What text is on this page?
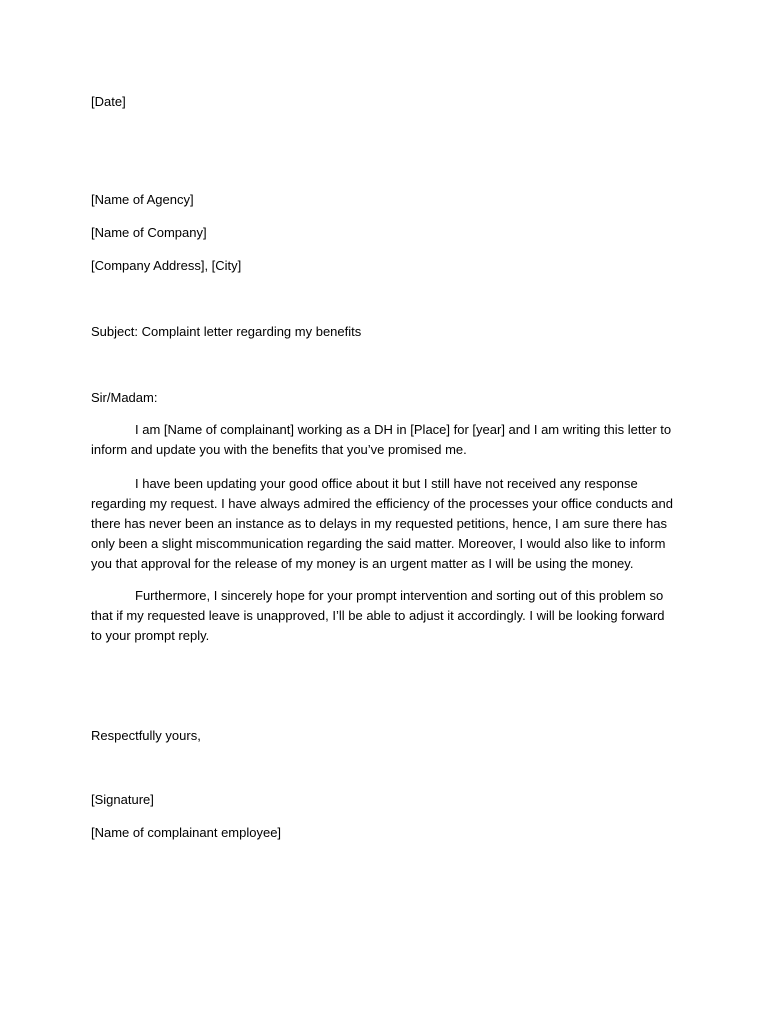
[Date]
[Name of Agency]
[Name of Company]
[Company Address], [City]
Subject: Complaint letter regarding my benefits
Sir/Madam:
I am [Name of complainant] working as a DH in [Place] for [year] and I am writing this letter to inform and update you with the benefits that you’ve promised me.
I have been updating your good office about it but I still have not received any response regarding my request. I have always admired the efficiency of the processes your office conducts and there has never been an instance as to delays in my requested petitions, hence, I am sure there has only been a slight miscommunication regarding the said matter. Moreover, I would also like to inform you that approval for the release of my money is an urgent matter as I will be using the money.
Furthermore, I sincerely hope for your prompt intervention and sorting out of this problem so that if my requested leave is unapproved, I’ll be able to adjust it accordingly. I will be looking forward to your prompt reply.
Respectfully yours,
[Signature]
[Name of complainant employee]
